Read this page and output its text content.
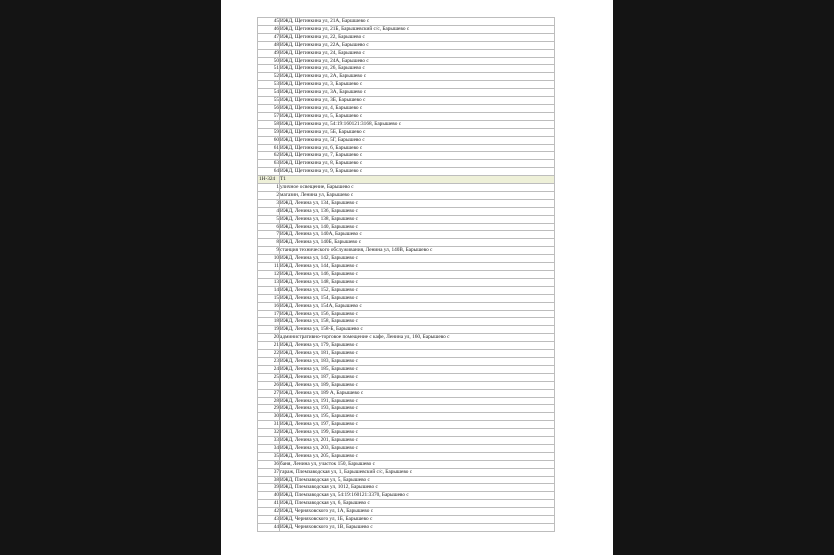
45	ИЖД, Щетинкина ул, 21А, Баршшево с
46	ИЖД, Щетинкина ул, 21Б, Барышевский с/с, Барышево с
47	ИЖД, Щетинкина ул, 22, Барышево с
48	ИЖД, Щетинкина ул, 22А, Барышево с
49	ИЖД, Щетинкина ул, 24, Барышево с
50	ИЖД, Щетинкина ул, 24А, Барышево с
51	ИЖД, Щетинкина ул, 26, Барышево с
52	ИЖД, Щетинкина ул, 2А, Барышево с
53	ИЖД, Щетинкина ул, 3, Барышево с
54	ИЖД, Щетинкина ул, 3А, Барышево с
55	ИЖД, Щетинкина ул, 3Б, Барышево с
56	ИЖД, Щетинкина ул, 4, Барышево с
57	ИЖД, Щетинкина ул, 5, Барышево с
58	ИЖД, Щетинкина ул, 54:19:160121:3168, Барышево с
59	ИЖД, Щетинкина ул, 5Б, Барышево с
60	ИЖД, Щетинкина ул, 5Г, Барышево с
61	ИЖД, Щетинкина ул, 6, Барышево с
62	ИЖД, Щетинкина ул, 7, Барышево с
63	ИЖД, Щетинкина ул, 8, Барышево с
64	ИЖД, Щетинкина ул, 9, Барышево с
1Н-324	Т1
1	уличное освещение, Барышево с
2	магазин, Ленина ул, Барышево с
3	ИЖД, Ленина ул, 134, Барышево с
4	ИЖД, Ленина ул, 136, Барышево с
5	ИЖД, Ленина ул, 138, Барышево с
6	ИЖД, Ленина ул, 140, Барышево с
7	ИЖД, Ленина ул, 140А, Барышево с
8	ИЖД, Ленина ул, 140Б, Барышево с
9	станция технического обслуживания, Ленина ул, 140В, Барышево с
10	ИЖД, Ленина ул, 142, Барышево с
11	ИЖД, Ленина ул, 144, Барышево с
12	ИЖД, Ленина ул, 146, Барышево с
13	ИЖД, Ленина ул, 148, Барышево с
14	ИЖД, Ленина ул, 152, Барышево с
15	ИЖД, Ленина ул, 154, Барышево с
16	ИЖД, Ленина ул, 154А, Барышево с
17	ИЖД, Ленина ул, 156, Барышево с
18	ИЖД, Ленина ул, 158, Барышево с
19	ИЖД, Ленина ул, 158-Б, Барышево с
20	административно-торговое помещение с кафе, Ленина ул, 160, Барышево с
21	ИЖД, Ленина ул, 179, Барышево с
22	ИЖД, Ленина ул, 181, Барышево с
23	ИЖД, Ленина ул, 183, Барышево с
24	ИЖД, Ленина ул, 185, Барышево с
25	ИЖД, Ленина ул, 187, Барышево с
26	ИЖД, Ленина ул, 189, Барышево с
27	ИЖД, Ленина ул, 189 А, Барышево с
28	ИЖД, Ленина ул, 191, Барышево с
29	ИЖД, Ленина ул, 193, Барышево с
30	ИЖД, Ленина ул, 195, Барышево с
31	ИЖД, Ленина ул, 197, Барышево с
32	ИЖД, Ленина ул, 199, Барышево с
33	ИЖД, Ленина ул, 201, Барышево с
34	ИЖД, Ленина ул, 203, Барышево с
35	ИЖД, Ленина ул, 205, Барышево с
36	баня, Ленина ул, участок 150, Барышево с
37	гараж, Племзаводская ул, 1, Барышевский с/с, Барышево с
38	ИЖД, Племзаводская ул, 5, Барышево с
39	ИЖД, Племзаводская ул, 1012, Барышево с
40	ИЖД, Племзаводская ул, 54:19:160121:3370, Барышево с
41	ИЖД, Племзаводская ул, 6, Барышево с
42	ИЖД, Черняховского ул, 1А, Барышево с
43	ИЖД, Черняховского ул, 1Б, Барышево с
44	ИЖД, Черняховского ул, 1В, Барышево с
